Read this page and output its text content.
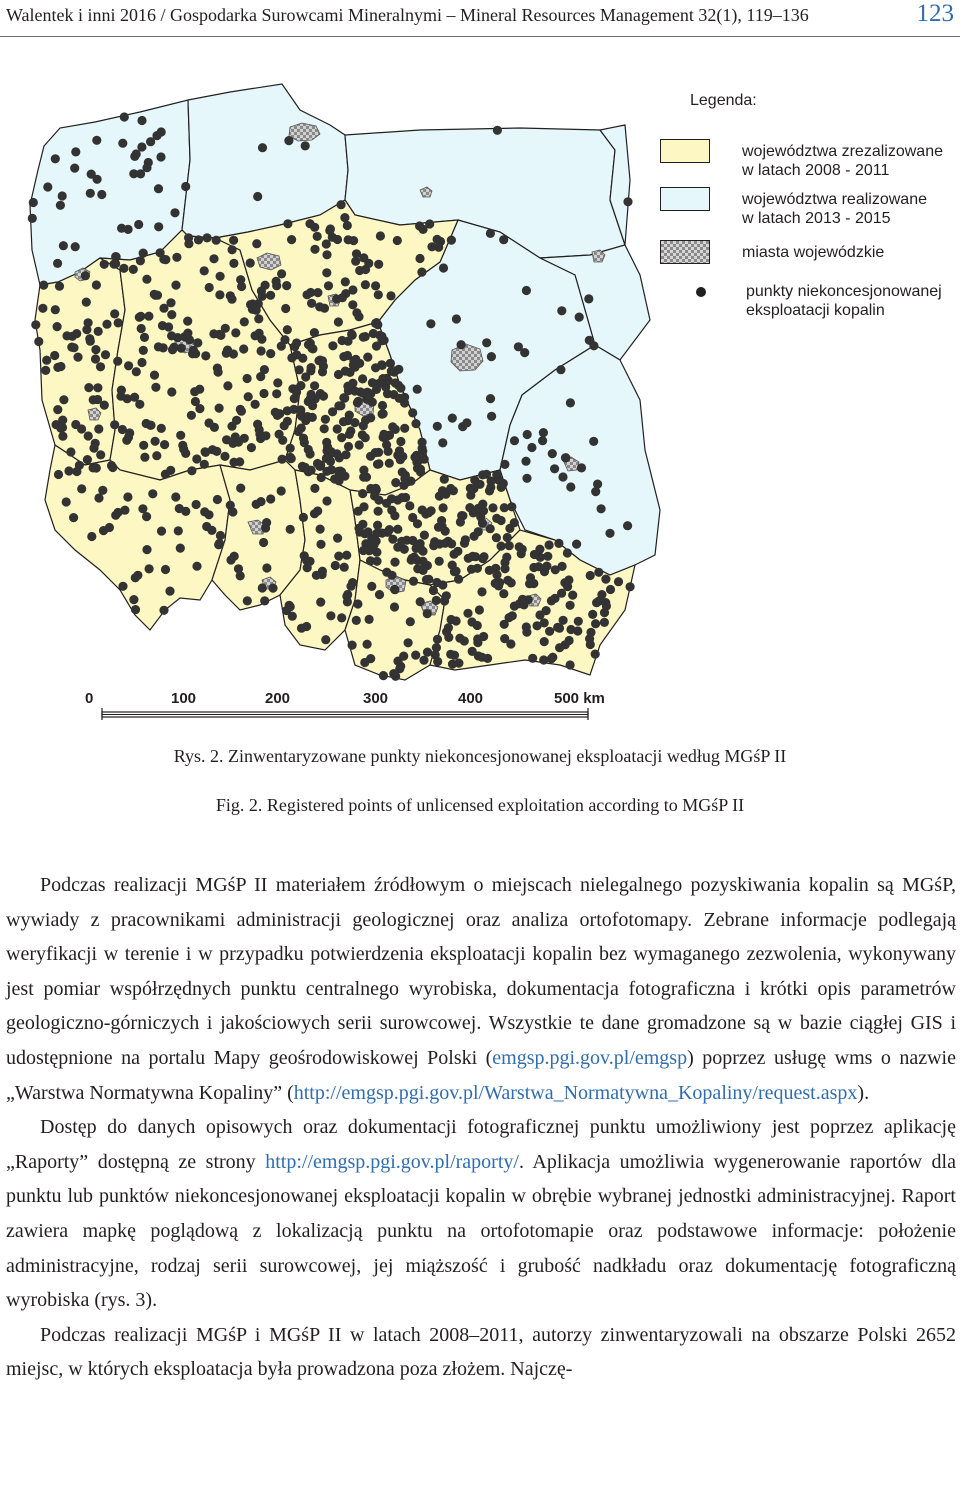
Walentek i inni 2016 / Gospodarka Surowcami Mineralnymi – Mineral Resources Management 32(1), 119–136	123
Legenda:
województwa zrezalizowane
w latach 2008 - 2011
województwa realizowane
w latach 2013 - 2015
miasta wojewódzkie
punkty niekoncesjonowanej
eksploatacji kopalin
0	100	200	300	400	500 km
Rys. 2. Zinwentaryzowane punkty niekoncesjonowanej eksploatacji według MGśP II
Fig. 2. Registered points of unlicensed exploitation according to MGśP II

Podczas realizacji MGśP II materiałem źródłowym o miejscach nielegalnego pozyskiwania kopalin są MGśP, wywiady z pracownikami administracji geologicznej oraz analiza ortofotomapy. Zebrane informacje podlegają weryfikacji w terenie i w przypadku potwierdzenia eksploatacji kopalin bez wymaganego zezwolenia, wykonywany jest pomiar współrzędnych punktu centralnego wyrobiska, dokumentacja fotograficzna i krótki opis parametrów geologiczno-górniczych i jakościowych serii surowcowej. Wszystkie te dane gromadzone są w bazie ciągłej GIS i udostępnione na portalu Mapy geośrodowiskowej Polski (emgsp.pgi.gov.pl/emgsp) poprzez usługę wms o nazwie „Warstwa Normatywna Kopaliny” (http://emgsp.pgi.gov.pl/Warstwa_Normatywna_Kopaliny/request.aspx).

Dostęp do danych opisowych oraz dokumentacji fotograficznej punktu umożliwiony jest poprzez aplikację „Raporty” dostępną ze strony http://emgsp.pgi.gov.pl/raporty/. Aplikacja umożliwia wygenerowanie raportów dla punktu lub punktów niekoncesjonowanej eksploatacji kopalin w obrębie wybranej jednostki administracyjnej. Raport zawiera mapkę poglądową z lokalizacją punktu na ortofotomapie oraz podstawowe informacje: położenie administracyjne, rodzaj serii surowcowej, jej miąższość i grubość nadkładu oraz dokumentację fotograficzną wyrobiska (rys. 3).

Podczas realizacji MGśP i MGśP II w latach 2008–2011, autorzy zinwentaryzowali na obszarze Polski 2652 miejsc, w których eksploatacja była prowadzona poza złożem. Najczę-
